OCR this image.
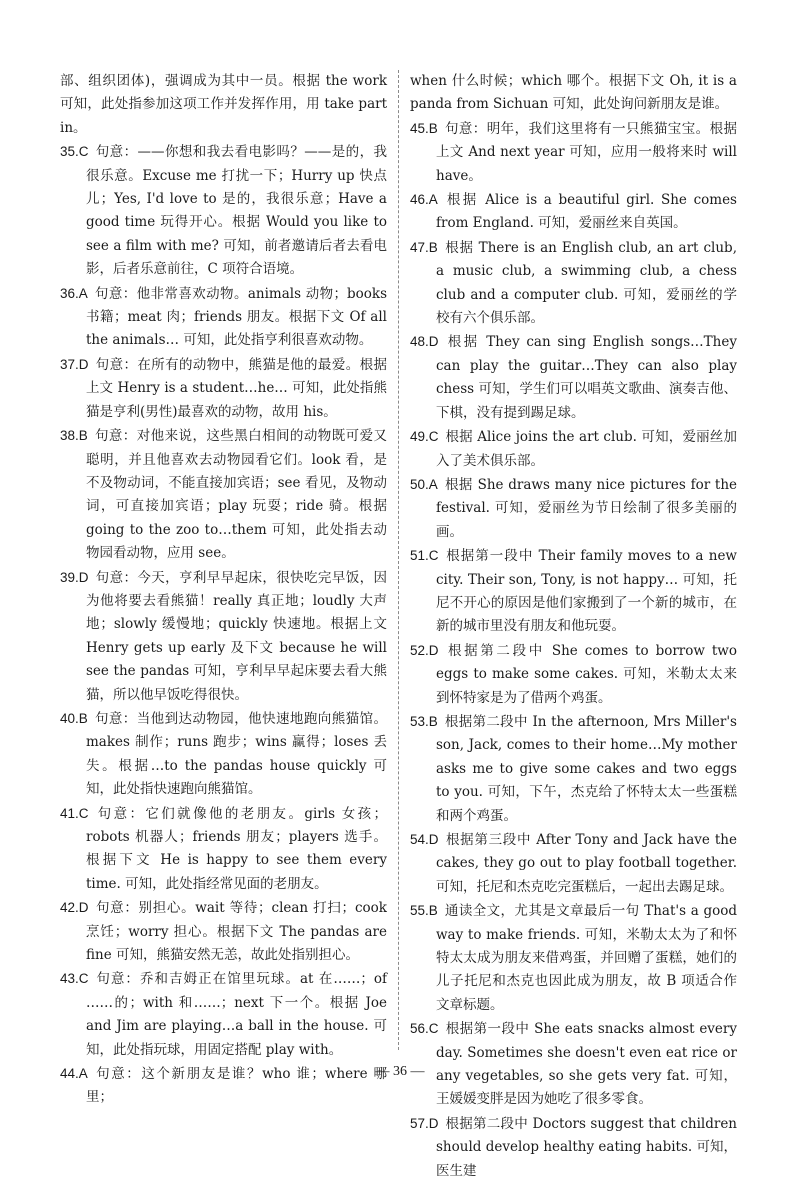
部、组织团体)，强调成为其中一员。根据 the work 可知，此处指参加这项工作并发挥作用，用 take part in。

35.C  句意：——你想和我去看电影吗？——是的，我很乐意。Excuse me 打扰一下；Hurry up 快点儿；Yes, I'd love to 是的，我很乐意；Have a good time 玩得开心。根据 Would you like to see a film with me? 可知，前者邀请后者去看电影，后者乐意前往，C 项符合语境。

36.A  句意：他非常喜欢动物。animals 动物；books 书籍；meat 肉；friends 朋友。根据下文 Of all the animals… 可知，此处指亨利很喜欢动物。

37.D  句意：在所有的动物中，熊猫是他的最爱。根据上文 Henry is a student…he… 可知，此处指熊猫是亨利(男性)最喜欢的动物，故用 his。

38.B  句意：对他来说，这些黑白相间的动物既可爱又聪明，并且他喜欢去动物园看它们。look 看，是不及物动词，不能直接加宾语；see 看见，及物动词，可直接加宾语；play 玩耍；ride 骑。根据 going to the zoo to…them 可知，此处指去动物园看动物，应用 see。

39.D  句意：今天，亨利早早起床，很快吃完早饭，因为他将要去看熊猫！really 真正地；loudly 大声地；slowly 缓慢地；quickly 快速地。根据上文 Henry gets up early 及下文 because he will see the pandas 可知，亨利早早起床要去看大熊猫，所以他早饭吃得很快。

40.B  句意：当他到达动物园，他快速地跑向熊猫馆。makes 制作；runs 跑步；wins 赢得；loses 丢失。根据…to the pandas house quickly 可知，此处指快速跑向熊猫馆。

41.C  句意：它们就像他的老朋友。girls 女孩；robots 机器人；friends 朋友；players 选手。根据下文 He is happy to see them every time. 可知，此处指经常见面的老朋友。

42.D  句意：别担心。wait 等待；clean 打扫；cook 烹饪；worry 担心。根据下文 The pandas are fine 可知，熊猫安然无恙，故此处指别担心。

43.C  句意：乔和吉姆正在馆里玩球。at 在……；of ……的；with 和……；next 下一个。根据 Joe and Jim are playing…a ball in the house. 可知，此处指玩球，用固定搭配 play with。

44.A  句意：这个新朋友是谁？who 谁；where 哪里；

when 什么时候；which 哪个。根据下文 Oh, it is a panda from Sichuan 可知，此处询问新朋友是谁。

45.B  句意：明年，我们这里将有一只熊猫宝宝。根据上文 And next year 可知，应用一般将来时 will have。

46.A  根据 Alice is a beautiful girl. She comes from England. 可知，爱丽丝来自英国。

47.B  根据 There is an English club, an art club, a music club, a swimming club, a chess club and a computer club. 可知，爱丽丝的学校有六个俱乐部。

48.D  根据 They can sing English songs…They can play the guitar…They can also play chess 可知，学生们可以唱英文歌曲、演奏吉他、下棋，没有提到踢足球。

49.C  根据 Alice joins the art club. 可知，爱丽丝加入了美术俱乐部。

50.A  根据 She draws many nice pictures for the festival. 可知，爱丽丝为节日绘制了很多美丽的画。

51.C  根据第一段中 Their family moves to a new city. Their son, Tony, is not happy… 可知，托尼不开心的原因是他们家搬到了一个新的城市，在新的城市里没有朋友和他玩耍。

52.D  根据第二段中 She comes to borrow two eggs to make some cakes. 可知，米勒太太来到怀特家是为了借两个鸡蛋。

53.B  根据第二段中 In the afternoon, Mrs Miller's son, Jack, comes to their home…My mother asks me to give some cakes and two eggs to you. 可知，下午，杰克给了怀特太太一些蛋糕和两个鸡蛋。

54.D  根据第三段中 After Tony and Jack have the cakes, they go out to play football together. 可知，托尼和杰克吃完蛋糕后，一起出去踢足球。

55.B  通读全文，尤其是文章最后一句 That's a good way to make friends. 可知，米勒太太为了和怀特太太成为朋友来借鸡蛋，并回赠了蛋糕，她们的儿子托尼和杰克也因此成为朋友，故 B 项适合作文章标题。

56.C  根据第一段中 She eats snacks almost every day. Sometimes she doesn't even eat rice or any vegetables, so she gets very fat. 可知，王媛媛变胖是因为她吃了很多零食。

57.D  根据第二段中 Doctors suggest that children should develop healthy eating habits. 可知，医生建

— 36 —
